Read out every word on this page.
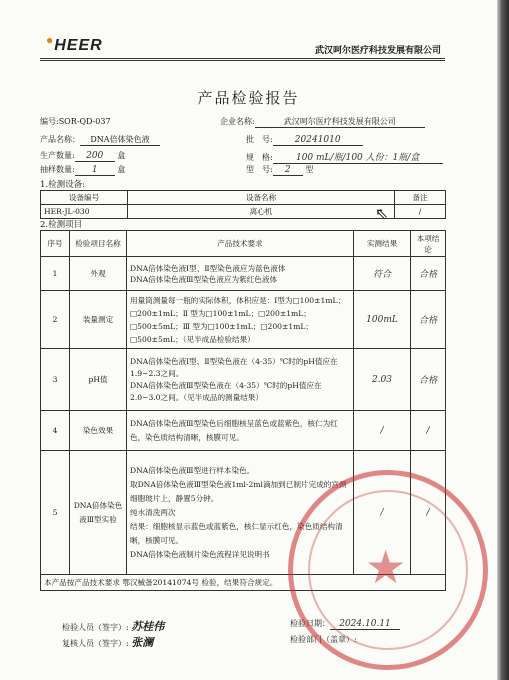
●HEER	武汉呵尔医疗科技发展有限公司
产品检验报告
编号:SOR-QD-037	企业名称:	武汉呵尔医疗科技发展有限公司
产品名称： DNA倍体染色液	批　号: 20241010
生产数量: 200 盒	规　格:	100 mL/瓶/100 人份：1瓶/盒
抽样数量: 1 盒	型　号: 2 型
1.检测设备:
设备编号	设备名称	备注
HER-JL-030	离心机	/
2.检测项目
序号	检验项目名称	产品技术要求	实测结果	本项结论
1	外观	DNA倍体染色液Ⅰ型、Ⅱ型染色液应为蓝色液体
DNA倍体染色液Ⅲ型染色液应为紫红色液体	符合	合格
2	装量测定	用量筒测量每一瓶的实际体积，体积应是：Ⅰ型为□100±1mL；□200±1mL；Ⅱ 型为□100±1mL；□200±1mL；□500±5mL；Ⅲ 型为□100±1mL；□200±1mL；□500±5mL；（见半成品检验结果）	100mL	合格
3	pH值	DNA倍体染色液Ⅰ型、Ⅱ型染色液在（4-35）℃时的pH值应在1.9~2.3之间。
DNA倍体染色液Ⅲ型染色液在（4-35）℃时的pH值应在2.0~3.0之间。（见半成品的测量结果）	2.03	合格
4	染色效果	DNA倍体染色液Ⅲ型染色后细胞核呈蓝色或蓝紫色，核仁为红色，染色质结构清晰，核膜可见。	/	/
5	DNA倍体染色液Ⅲ型实验	DNA倍体染色液Ⅲ型进行样本染色。
取DNA倍体染色液Ⅲ型染色液1ml-2ml滴加到已制片完成的宫颈细胞玻片上，静置5分钟。
纯水清洗两次
结果：细胞核显示蓝色或蓝紫色，核仁显示红色，染色质结构清晰，核膜可见。
DNA倍体染色液制片染色流程详见说明书	/	/
本产品按产品技术要求 鄂汉械备20141074号 检验，结果符合规定。				
检验人员（签字）: 苏桂伟
复核人员（签字）: 张澜
检验日期： 2024.10.11
检验部门（盖章）:
★
⇖
